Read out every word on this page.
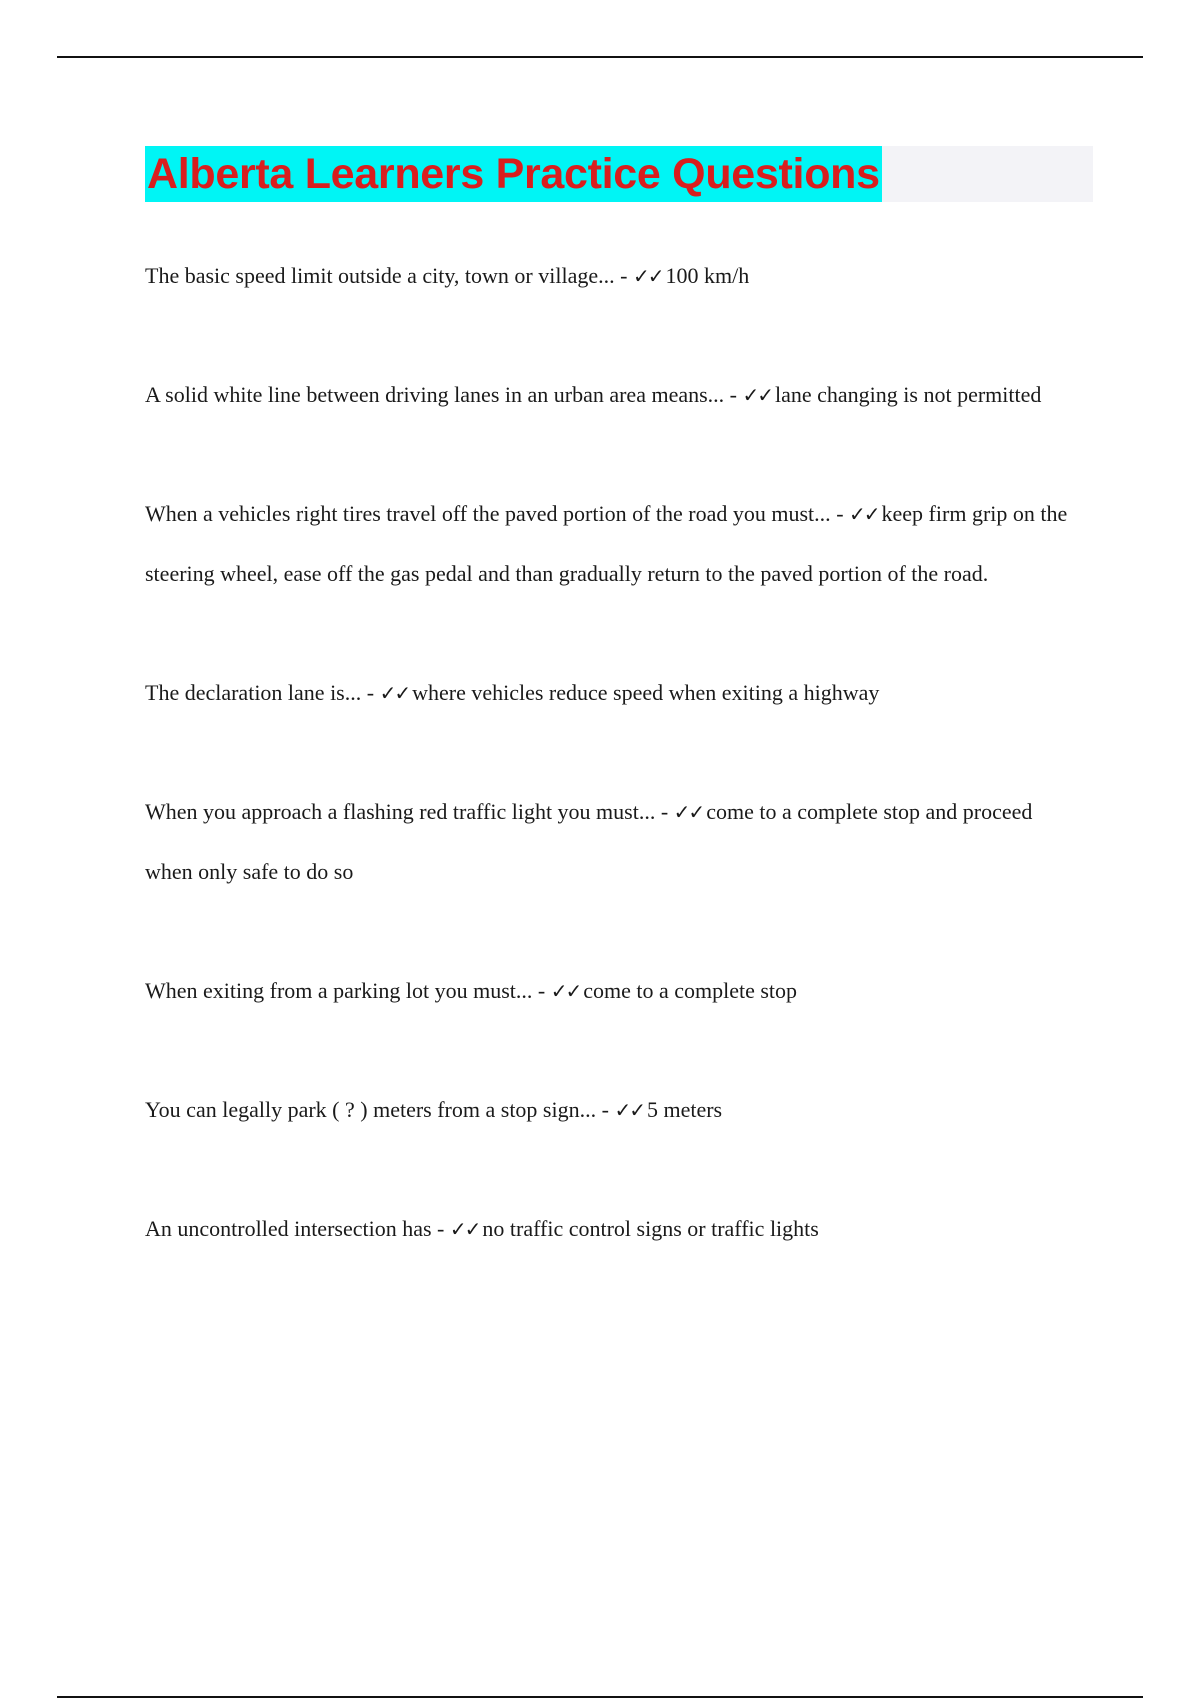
Alberta Learners Practice Questions
The basic speed limit outside a city, town or village... - ✓✓ 100 km/h
A solid white line between driving lanes in an urban area means... - ✓✓ lane changing is not permitted
When a vehicles right tires travel off the paved portion of the road you must... - ✓✓ keep firm grip on the steering wheel, ease off the gas pedal and than gradually return to the paved portion of the road.
The declaration lane is... - ✓✓ where vehicles reduce speed when exiting a highway
When you approach a flashing red traffic light you must... - ✓✓ come to a complete stop and proceed when only safe to do so
When exiting from a parking lot you must... - ✓✓ come to a complete stop
You can legally park ( ? ) meters from a stop sign... - ✓✓ 5 meters
An uncontrolled intersection has - ✓✓ no traffic control signs or traffic lights
